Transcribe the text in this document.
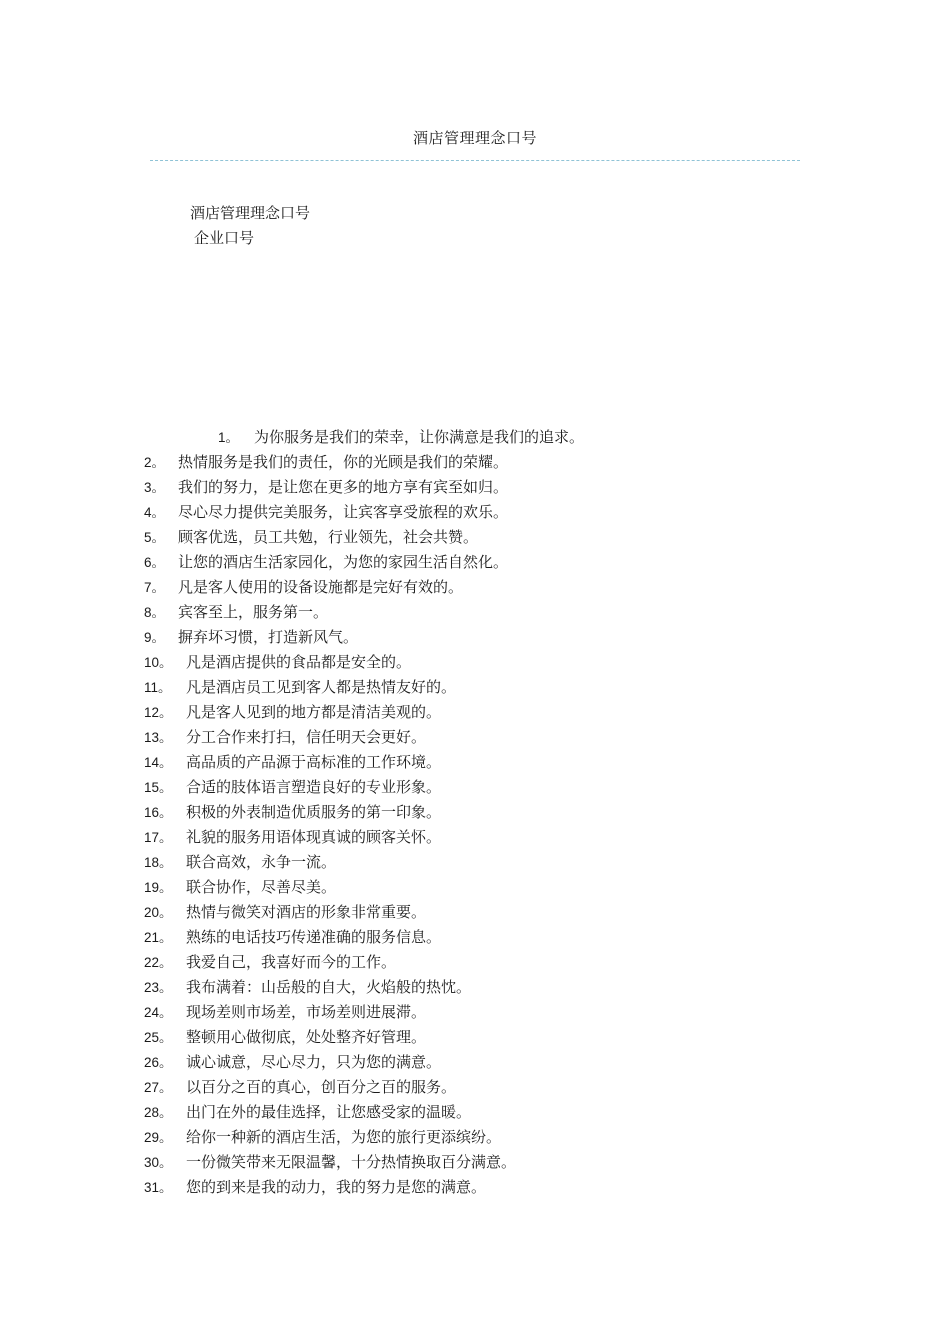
酒店管理理念口号
酒店管理理念口号
企业口号
1。 为你服务是我们的荣幸，让你满意是我们的追求。
2。 热情服务是我们的责任，你的光顾是我们的荣耀。
3。 我们的努力，是让您在更多的地方享有宾至如归。
4。 尽心尽力提供完美服务，让宾客享受旅程的欢乐。
5。 顾客优选，员工共勉，行业领先，社会共赞。
6。 让您的酒店生活家园化，为您的家园生活自然化。
7。 凡是客人使用的设备设施都是完好有效的。
8。 宾客至上，服务第一。
9。 摒弃坏习惯，打造新风气。
10。 凡是酒店提供的食品都是安全的。
11。 凡是酒店员工见到客人都是热情友好的。
12。 凡是客人见到的地方都是清洁美观的。
13。 分工合作来打扫，信任明天会更好。
14。 高品质的产品源于高标准的工作环境。
15。 合适的肢体语言塑造良好的专业形象。
16。 积极的外表制造优质服务的第一印象。
17。 礼貌的服务用语体现真诚的顾客关怀。
18。 联合高效，永争一流。
19。 联合协作，尽善尽美。
20。 热情与微笑对酒店的形象非常重要。
21。 熟练的电话技巧传递准确的服务信息。
22。 我爱自己，我喜好而今的工作。
23。 我布满着：山岳般的自大，火焰般的热忱。
24。 现场差则市场差，市场差则进展滞。
25。 整顿用心做彻底，处处整齐好管理。
26。 诚心诚意，尽心尽力，只为您的满意。
27。 以百分之百的真心，创百分之百的服务。
28。 出门在外的最佳选择，让您感受家的温暖。
29。 给你一种新的酒店生活，为您的旅行更添缤纷。
30。 一份微笑带来无限温馨，十分热情换取百分满意。
31。 您的到来是我的动力，我的努力是您的满意。
